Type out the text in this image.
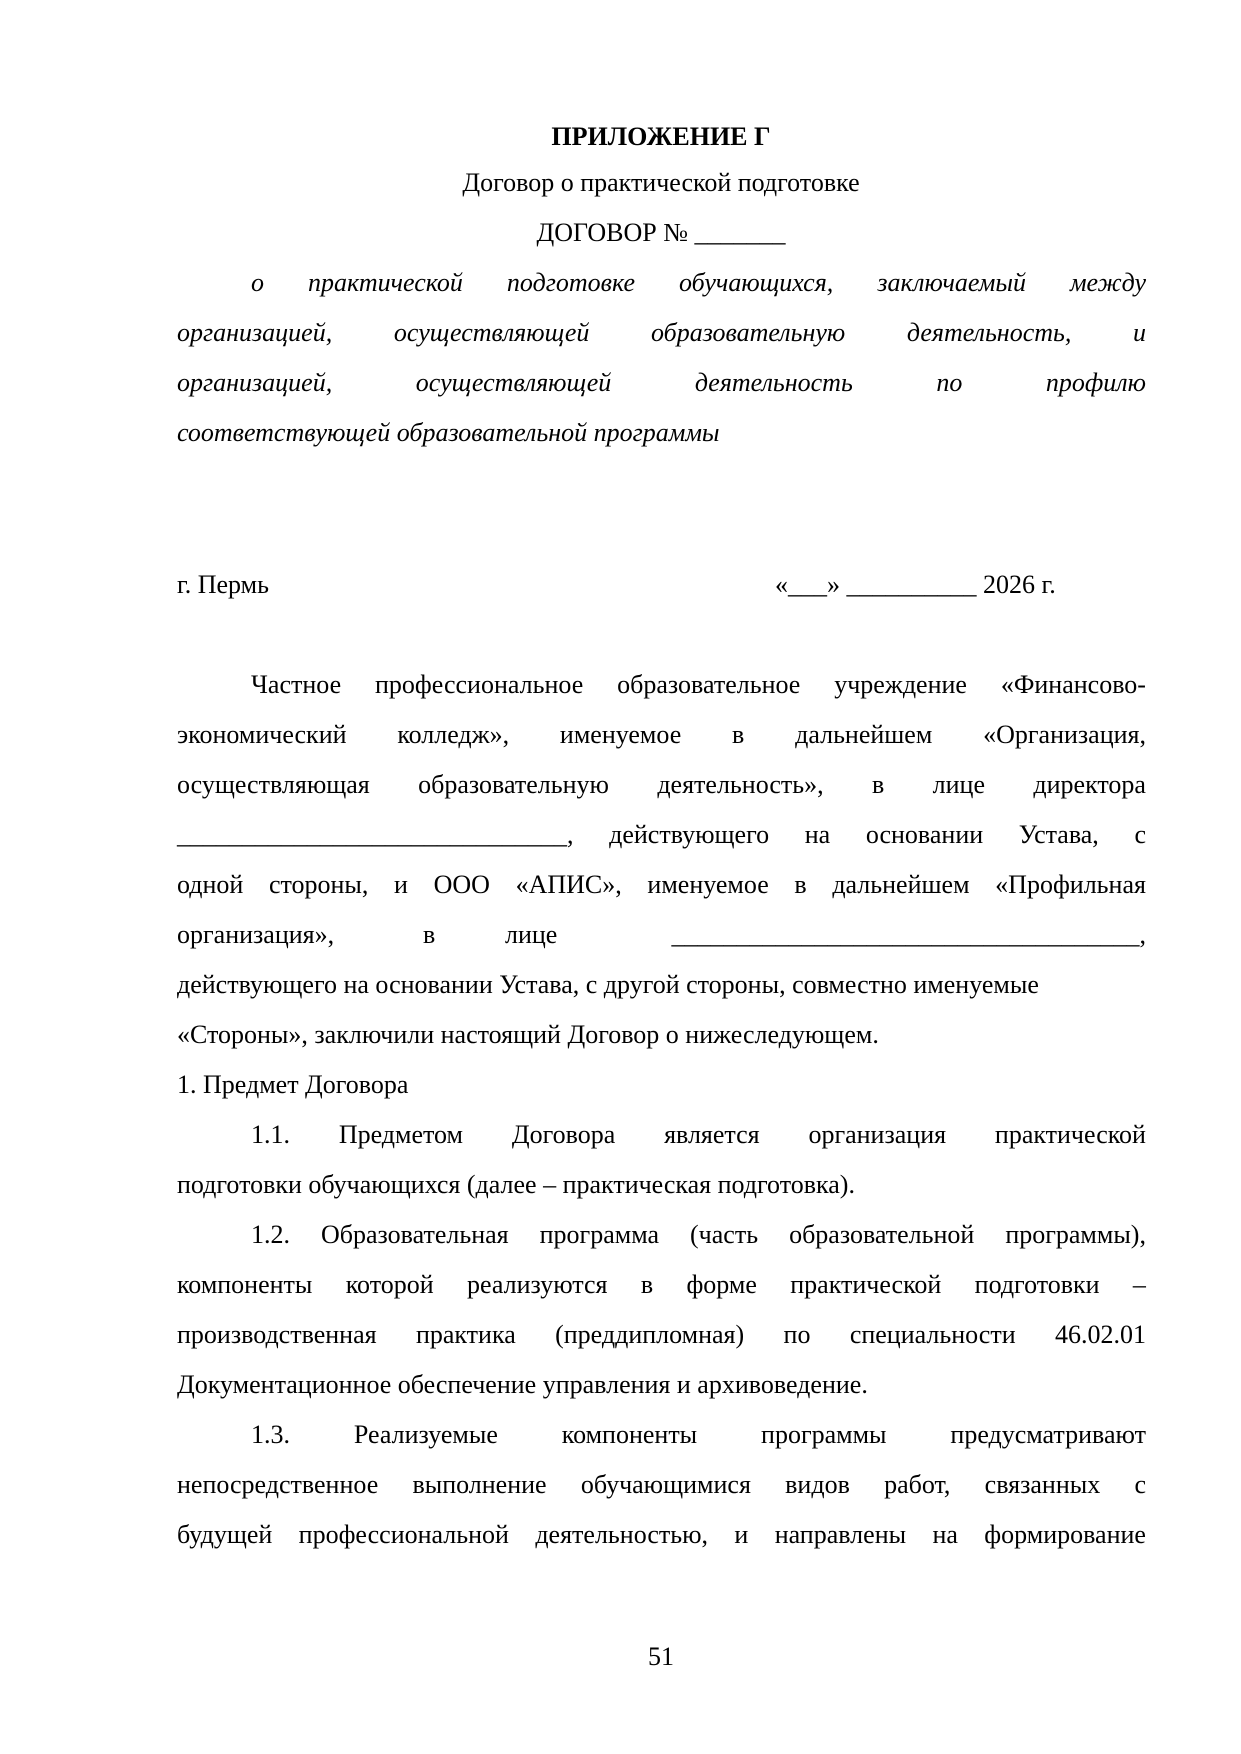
ПРИЛОЖЕНИЕ Г
Договор о практической подготовке
ДОГОВОР № _______
о практической подготовке обучающихся, заключаемый между
организацией, осуществляющей образовательную деятельность, и
организацией,	осуществляющей	деятельность	по	профилю
соответствующей образовательной программы
г. Пермь	«___» __________ 2026 г.
Частное профессиональное образовательное учреждение «Финансово-
экономический колледж», именуемое в дальнейшем «Организация,
осуществляющая образовательную деятельность», в лице директора
______________________________, действующего на основании Устава, с
одной стороны, и ООО «АПИС», именуемое в дальнейшем «Профильная
организация»,	в	лице	____________________________________,
действующего на основании Устава, с другой стороны, совместно именуемые
«Стороны», заключили настоящий Договор о нижеследующем.
1. Предмет Договора
1.1. Предметом Договора является организация практической
подготовки обучающихся (далее – практическая подготовка).
1.2. Образовательная программа (часть образовательной программы),
компоненты которой реализуются в форме практической подготовки –
производственная практика (преддипломная) по специальности 46.02.01
Документационное обеспечение управления и архивоведение.
1.3. Реализуемые компоненты программы предусматривают
непосредственное выполнение обучающимися видов работ, связанных с
будущей профессиональной деятельностью, и направлены на формирование
51
